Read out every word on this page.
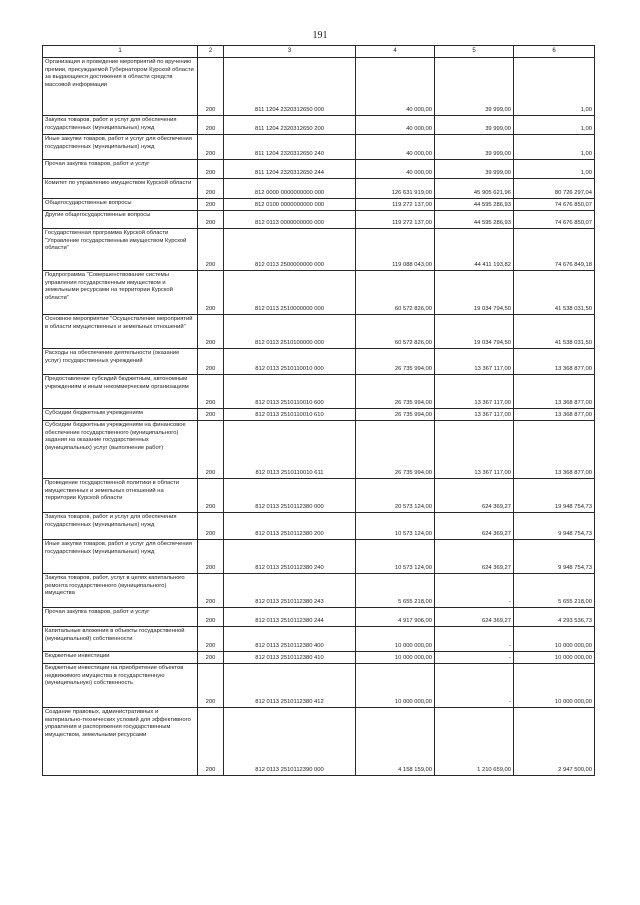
191
1	2	3	4	5	6
Организация и проведение мероприятий по вручению премии, присуждаемой Губернатором Курской области за выдающиеся достижения в области средств массовой информации	200	811 1204 2320312650 000	40 000,00	39 999,00	1,00
Закупка товаров, работ и услуг для обеспечения государственных (муниципальных) нужд	200	811 1204 2320312650 200	40 000,00	39 999,00	1,00
Иные закупки товаров, работ и услуг для обеспечения государственных (муниципальных) нужд	200	811 1204 2320312650 240	40 000,00	39 999,00	1,00
Прочая закупка товаров, работ и услуг	200	811 1204 2320312650 244	40 000,00	39 999,00	1,00
Комитет по управлению имуществом Курской области	200	812 0000 0000000000 000	126 631 919,00	45 905 621,96	80 726 297,04
Общегосударственные вопросы	200	812 0100 0000000000 000	119 272 137,00	44 595 286,93	74 676 850,07
Другие общегосударственные вопросы	200	812 0113 0000000000 000	119 272 137,00	44 595 286,93	74 676 850,07
Государственная программа Курской области "Управление государственным имуществом Курской области"	200	812 0113 2500000000 000	119 088 043,00	44 411 193,82	74 676 849,18
Подпрограмма "Совершенствование системы управления государственным имуществом и земельными ресурсами на территории Курской области"	200	812 0113 2510000000 000	60 572 826,00	19 034 794,50	41 538 031,50
Основное мероприятие "Осуществление мероприятий в области имущественных и земельных отношений"	200	812 0113 2510100000 000	60 572 826,00	19 034 794,50	41 538 031,50
Расходы на обеспечение деятельности (оказание услуг) государственных учреждений	200	812 0113 2510110010 000	26 735 994,00	13 367 117,00	13 368 877,00
Предоставление субсидий бюджетным, автономным учреждениям и иным некоммерческим организациям	200	812 0113 2510110010 600	26 735 994,00	13 367 117,00	13 368 877,00
Субсидии бюджетным учреждениям	200	812 0113 2510110010 610	26 735 994,00	13 367 117,00	13 368 877,00
Субсидии бюджетным учреждениям на финансовое обеспечение государственного (муниципального) задания на оказание государственных (муниципальных) услуг (выполнение работ)	200	812 0113 2510110010 611	26 735 994,00	13 367 117,00	13 368 877,00
Проведение государственной политики в области имущественных и земельных отношений на территории Курской области	200	812 0113 2510112380 000	20 573 124,00	624 369,27	19 948 754,73
Закупка товаров, работ и услуг для обеспечения государственных (муниципальных) нужд	200	812 0113 2510112380 200	10 573 124,00	624 369,27	9 948 754,73
Иные закупки товаров, работ и услуг для обеспечения государственных (муниципальных) нужд	200	812 0113 2510112380 240	10 573 124,00	624 369,27	9 948 754,73
Закупка товаров, работ, услуг в целях капитального ремонта государственного (муниципального) имущества	200	812 0113 2510112380 243	5 655 218,00	-	5 655 218,00
Прочая закупка товаров, работ и услуг	200	812 0113 2510112380 244	4 917 906,00	624 369,27	4 293 536,73
Капитальные вложения в объекты государственной (муниципальной) собственности	200	812 0113 2510112380 400	10 000 000,00	-	10 000 000,00
Бюджетные инвестиции	200	812 0113 2510112380 410	10 000 000,00	-	10 000 000,00
Бюджетные инвестиции на приобретение объектов недвижимого имущества в государственную (муниципальную) собственность	200	812 0113 2510112380 412	10 000 000,00	-	10 000 000,00
Создание правовых, административных и материально-технических условий для эффективного управления и распоряжения государственным имуществом, земельными ресурсами	200	812 0113 2510112390 000	4 158 159,00	1 210 659,00	2 947 500,00
